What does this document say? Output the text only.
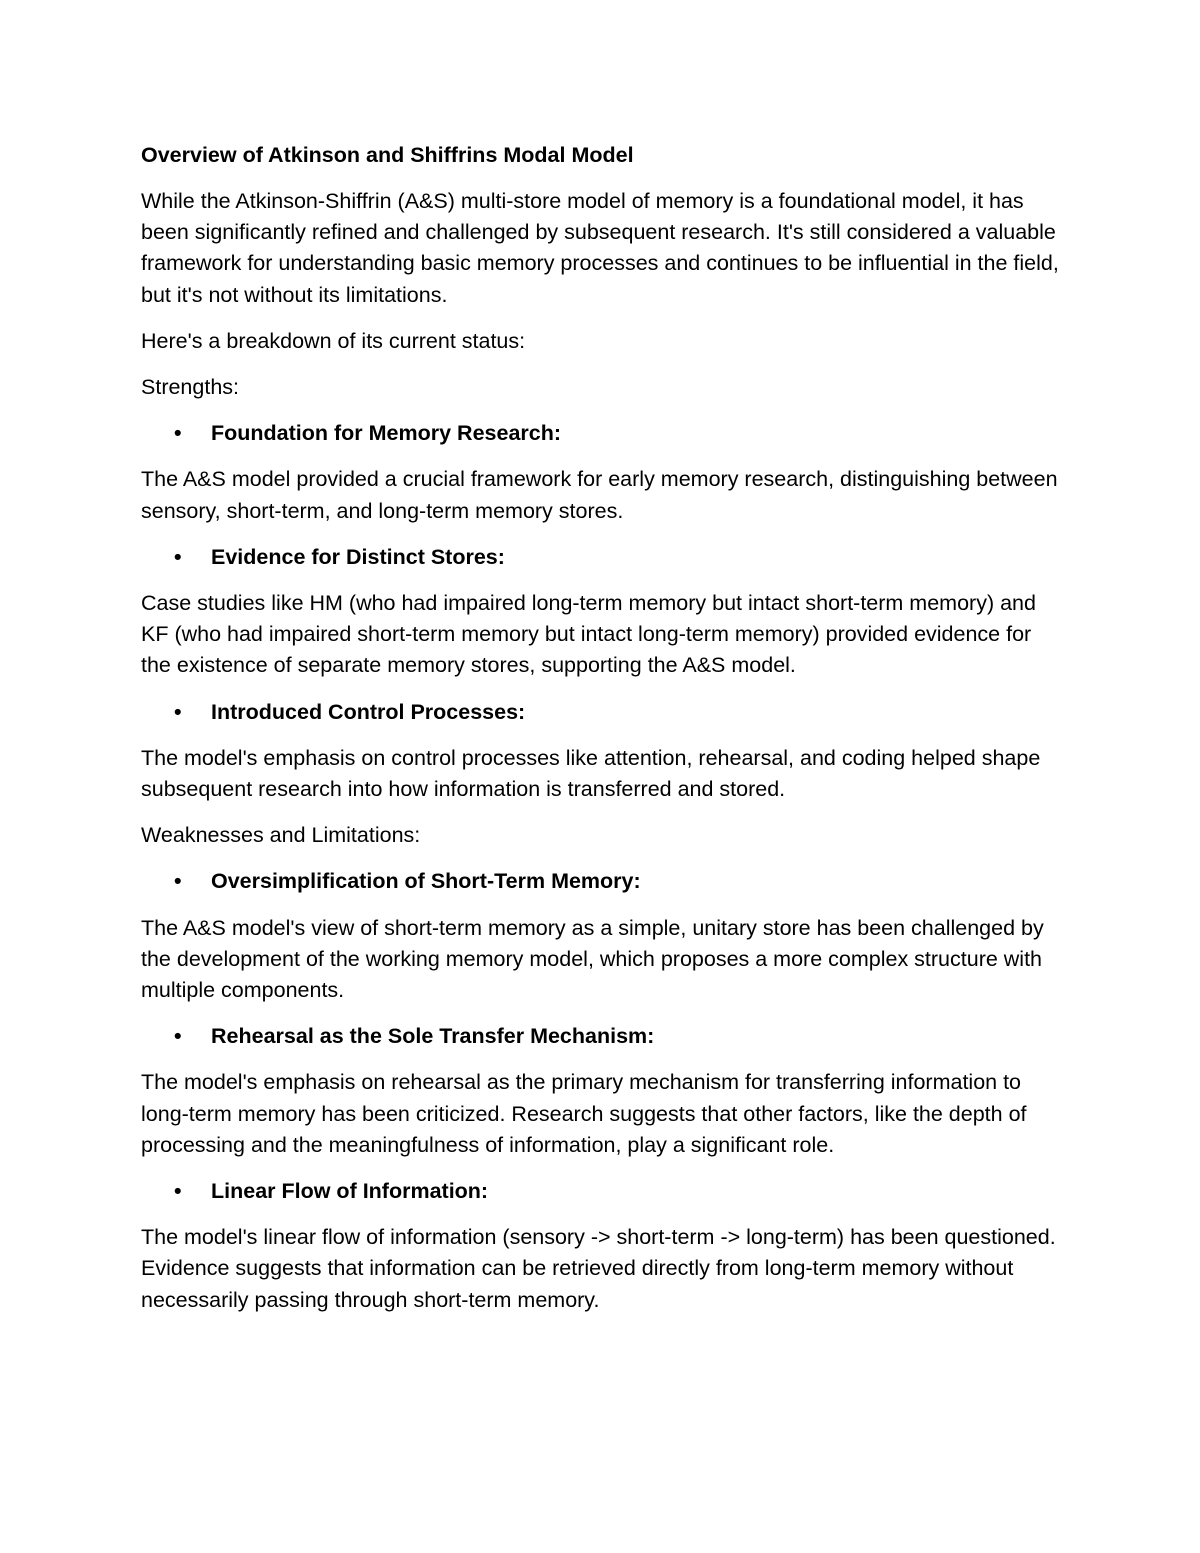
Overview of Atkinson and Shiffrins Modal Model
While the Atkinson-Shiffrin (A&S) multi-store model of memory is a foundational model, it has been significantly refined and challenged by subsequent research. It's still considered a valuable framework for understanding basic memory processes and continues to be influential in the field, but it's not without its limitations.
Here's a breakdown of its current status:
Strengths:
• Foundation for Memory Research:
The A&S model provided a crucial framework for early memory research, distinguishing between sensory, short-term, and long-term memory stores.
• Evidence for Distinct Stores:
Case studies like HM (who had impaired long-term memory but intact short-term memory) and KF (who had impaired short-term memory but intact long-term memory) provided evidence for the existence of separate memory stores, supporting the A&S model.
• Introduced Control Processes:
The model's emphasis on control processes like attention, rehearsal, and coding helped shape subsequent research into how information is transferred and stored.
Weaknesses and Limitations:
• Oversimplification of Short-Term Memory:
The A&S model's view of short-term memory as a simple, unitary store has been challenged by the development of the working memory model, which proposes a more complex structure with multiple components.
• Rehearsal as the Sole Transfer Mechanism:
The model's emphasis on rehearsal as the primary mechanism for transferring information to long-term memory has been criticized. Research suggests that other factors, like the depth of processing and the meaningfulness of information, play a significant role.
• Linear Flow of Information:
The model's linear flow of information (sensory -> short-term -> long-term) has been questioned. Evidence suggests that information can be retrieved directly from long-term memory without necessarily passing through short-term memory.
